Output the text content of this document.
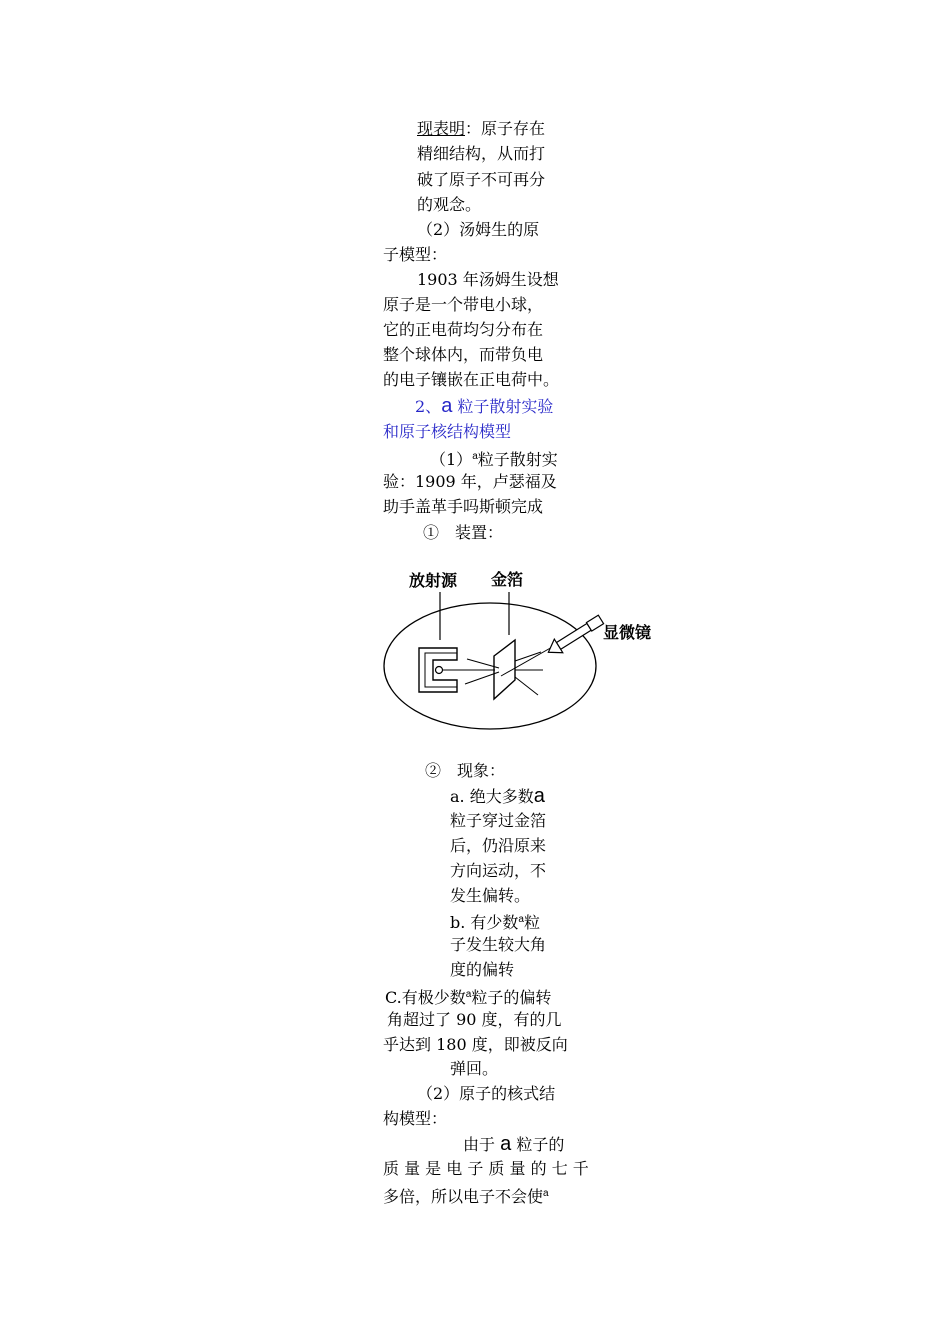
现表明：原子存在
精细结构，从而打
破了原子不可再分
的观念。
（2）汤姆生的原
子模型：
1903 年汤姆生设想
原子是一个带电小球，
它的正电荷均匀分布在
整个球体内，而带负电
的电子镶嵌在正电荷中。
2、a 粒子散射实验
和原子核结构模型
$(1)^a$粒子散射实
验：1909 年，卢瑟福及
助手盖革手吗斯顿完成
①　装置：
放射源 金箔
显微镜
②　现象：
a. 绝大多数a
粒子穿过金箔
后，仍沿原来
方向运动，不
发生偏转。
b. 有少数$^a$粒
子发生较大角
度的偏转
C.有极少数$^a$粒子的偏转
角超过了 90 度，有的几
乎达到 180 度，即被反向
弹回。
（2）原子的核式结
构模型：
由于 a 粒子的
质 量 是 电 子 质 量 的 七 千
多倍，所以电子不会使$^a$
